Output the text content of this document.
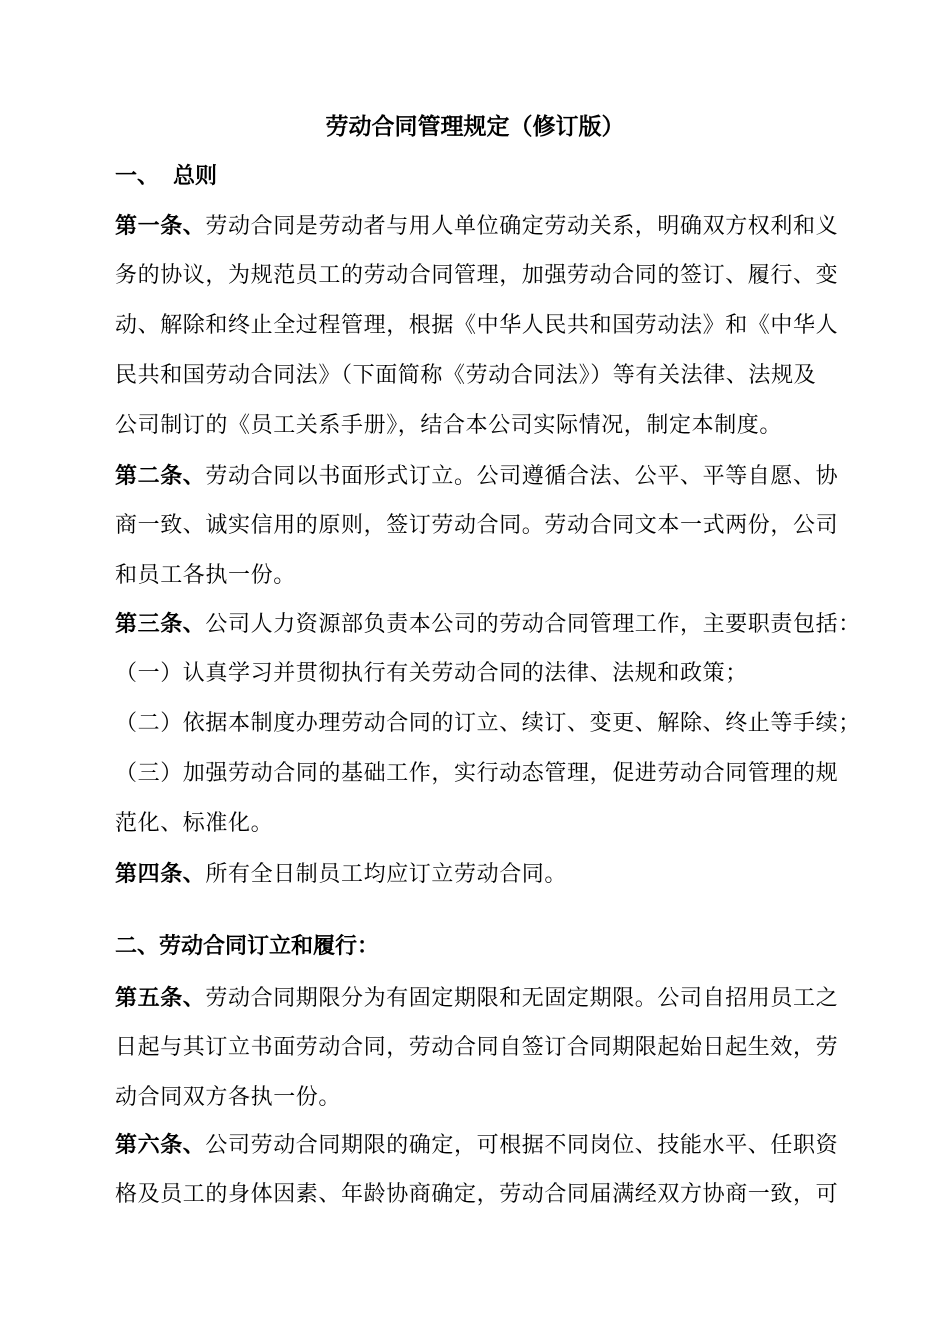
劳动合同管理规定（修订版）
一、 总则
第一条、劳动合同是劳动者与用人单位确定劳动关系，明确双方权利和义
务的协议，为规范员工的劳动合同管理，加强劳动合同的签订、履行、变
动、解除和终止全过程管理，根据《中华人民共和国劳动法》和《中华人
民共和国劳动合同法》（下面简称《劳动合同法》）等有关法律、法规及
公司制订的《员工关系手册》，结合本公司实际情况，制定本制度。
第二条、劳动合同以书面形式订立。公司遵循合法、公平、平等自愿、协
商一致、诚实信用的原则，签订劳动合同。劳动合同文本一式两份，公司
和员工各执一份。
第三条、公司人力资源部负责本公司的劳动合同管理工作，主要职责包括：
（一）认真学习并贯彻执行有关劳动合同的法律、法规和政策；
（二）依据本制度办理劳动合同的订立、续订、变更、解除、终止等手续；
（三）加强劳动合同的基础工作，实行动态管理，促进劳动合同管理的规
范化、标准化。
第四条、所有全日制员工均应订立劳动合同。
二、劳动合同订立和履行：
第五条、劳动合同期限分为有固定期限和无固定期限。公司自招用员工之
日起与其订立书面劳动合同，劳动合同自签订合同期限起始日起生效，劳
动合同双方各执一份。
第六条、公司劳动合同期限的确定，可根据不同岗位、技能水平、任职资
格及员工的身体因素、年龄协商确定，劳动合同届满经双方协商一致，可
